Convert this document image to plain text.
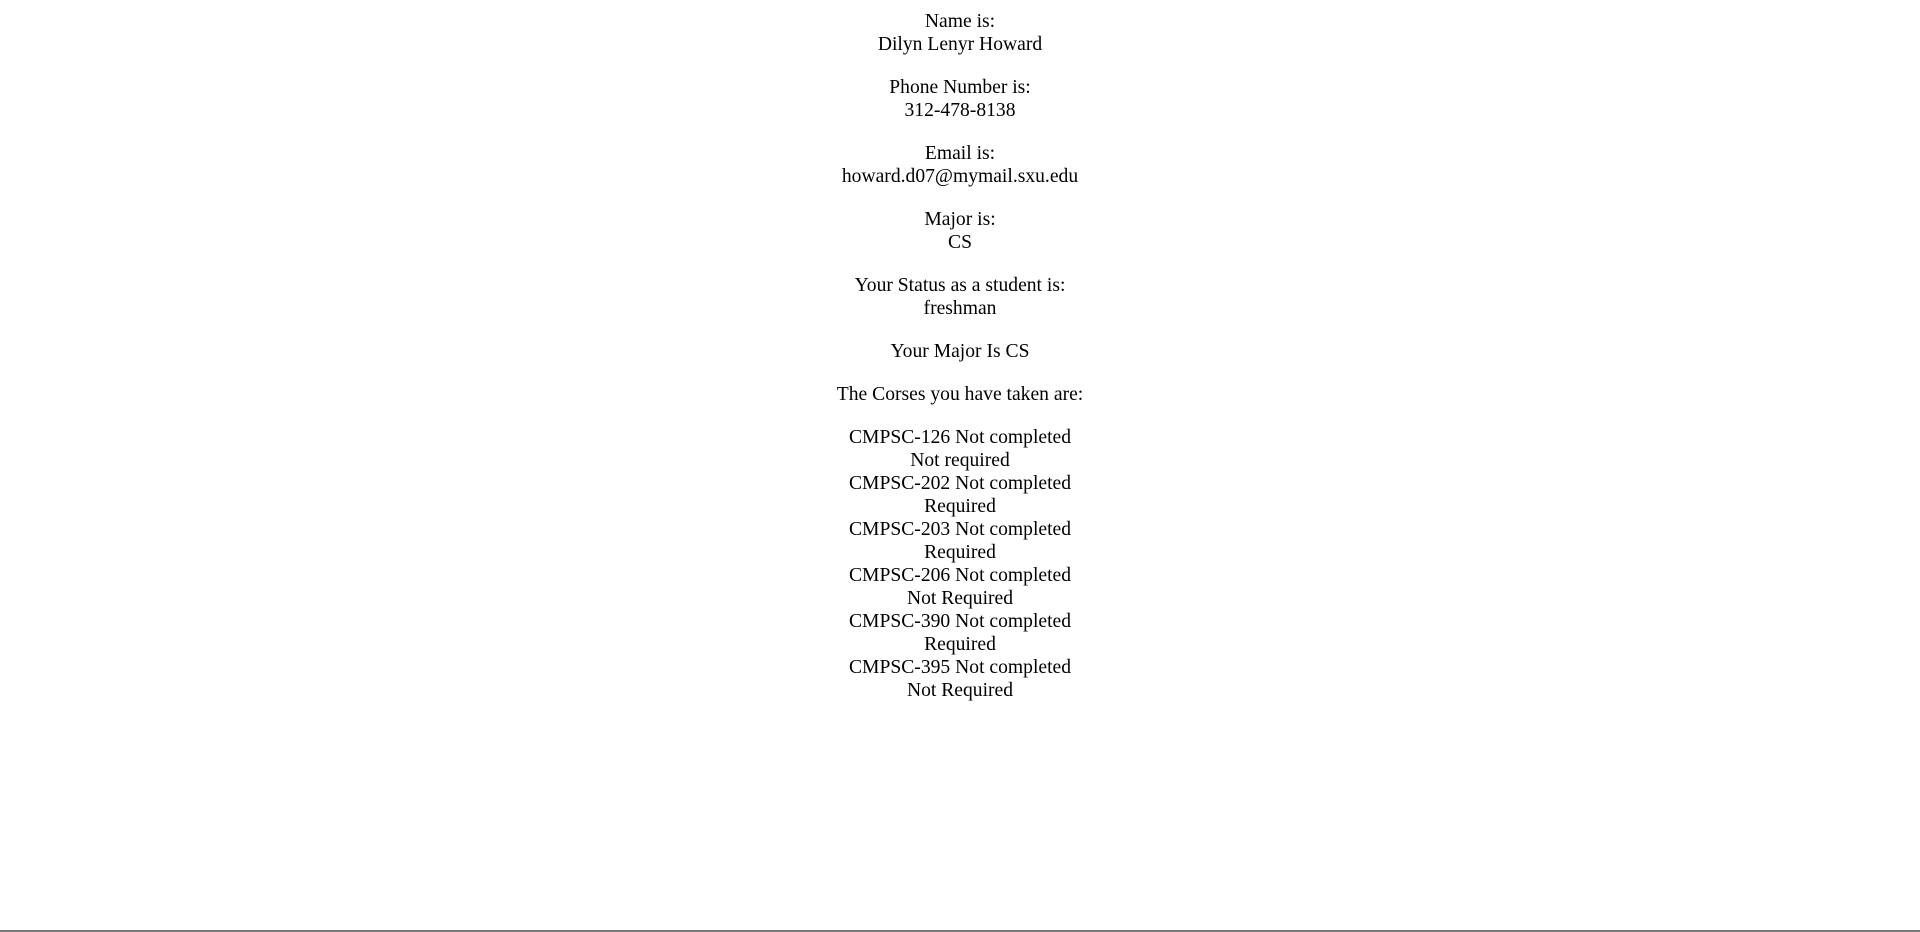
Name is:
Dilyn Lenyr Howard
Phone Number is:
312-478-8138
Email is:
howard.d07@mymail.sxu.edu
Major is:
CS
Your Status as a student is:
freshman
Your Major Is CS
The Corses you have taken are:
CMPSC-126 Not completed
Not required
CMPSC-202 Not completed
Required
CMPSC-203 Not completed
Required
CMPSC-206 Not completed
Not Required
CMPSC-390 Not completed
Required
CMPSC-395 Not completed
Not Required
